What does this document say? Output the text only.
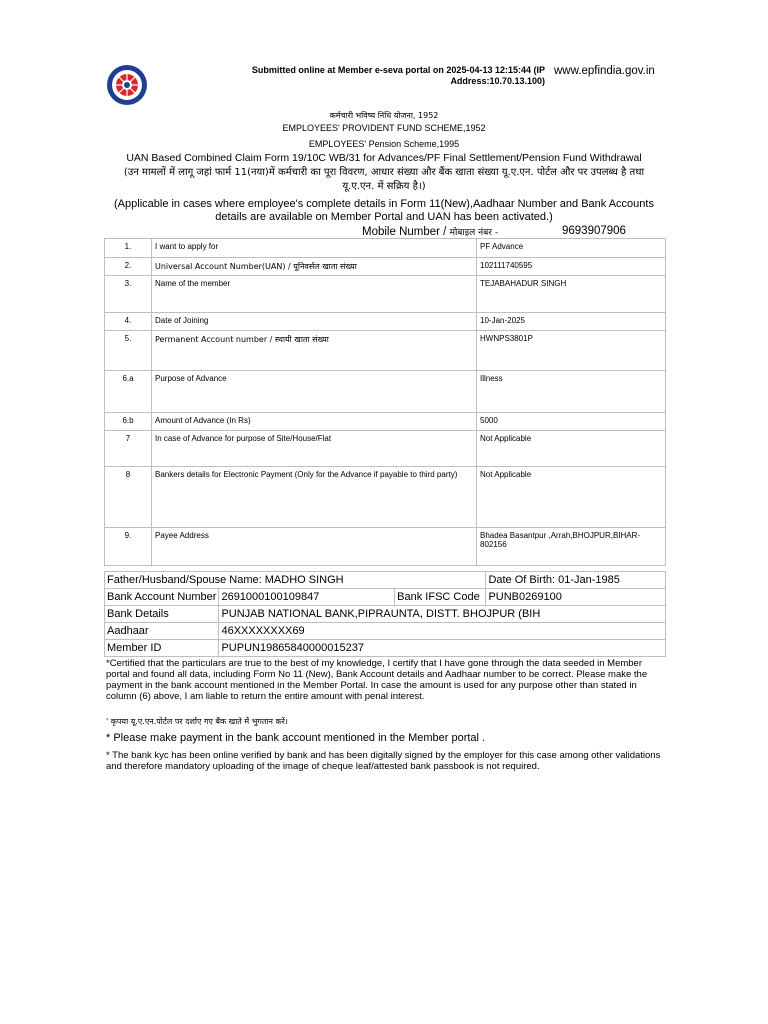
Submitted online at Member e-seva portal on 2025-04-13 12:15:44 (IP Address:10.70.13.100)
www.epfindia.gov.in
कर्मचारी भविष्य निधि योजना, 1952
EMPLOYEES' PROVIDENT FUND SCHEME,1952
EMPLOYEES' Pension Scheme,1995
UAN Based Combined Claim Form 19/10C WB/31 for Advances/PF Final Settlement/Pension Fund Withdrawal
(उन मामलों में लागू जहां फार्म 11(नया)में कर्मचारी का पूरा विवरण, आधार संख्या और बैंक खाता संख्या यू.ए.एन. पोर्टल और पर उपलब्ध है तथा यू.ए.एन. में सक्रिय है।)
(Applicable in cases where employee's complete details in Form 11(New),Aadhaar Number and Bank Accounts details are available on Member Portal and UAN has been activated.)
Mobile Number / मोबाइल नंबर -	9693907906
1.	I want to apply for	PF Advance
2.	Universal Account Number(UAN) / यूनिवर्सल खाता संख्या	102111740595
3.	Name of the member	TEJABAHADUR SINGH
4.	Date of Joining	10-Jan-2025
5.	Permanent Account number / स्थायी खाता संख्या	HWNPS3801P
6.a	Purpose of Advance	Illness
6.b	Amount of Advance (In Rs)	5000
7	In case of Advance for purpose of Site/House/Flat	Not Applicable
8	Bankers details for Electronic Payment (Only for the Advance if payable to third party)	Not Applicable
9.	Payee Address	Bhadea Basantpur ,Arrah,BHOJPUR,BIHAR-802156
Father/Husband/Spouse Name: MADHO SINGH			Date Of Birth: 01-Jan-1985
Bank Account Number	269100010010​9847	Bank IFSC Code	PUNB0269100
Bank Details	PUNJAB NATIONAL BANK,PIPRAUNTA, DISTT. BHOJPUR (BIH		
Aadhaar	46XXXXXXXX69		
Member ID	PUPUN19865840000015237		
*Certified that the particulars are true to the best of my knowledge, I certify that I have gone through the data seeded in Member portal and found all data, including Form No 11 (New), Bank Account details and Aadhaar number to be correct. Please make the payment in the bank account mentioned in the Member Portal. In case the amount is used for any purpose other than stated in column (6) above, I am liable to return the entire amount with penal interest.
' कृपया यू.ए.एन.पोर्टल पर दर्शाए गए बैंक खाते में भुगतान करें।
* Please make payment in the bank account mentioned in the Member portal .
* The bank kyc has been online verified by bank and has been digitally signed by the employer for this case among other validations and therefore mandatory uploading of the image of cheque leaf/attested bank passbook is not required.
